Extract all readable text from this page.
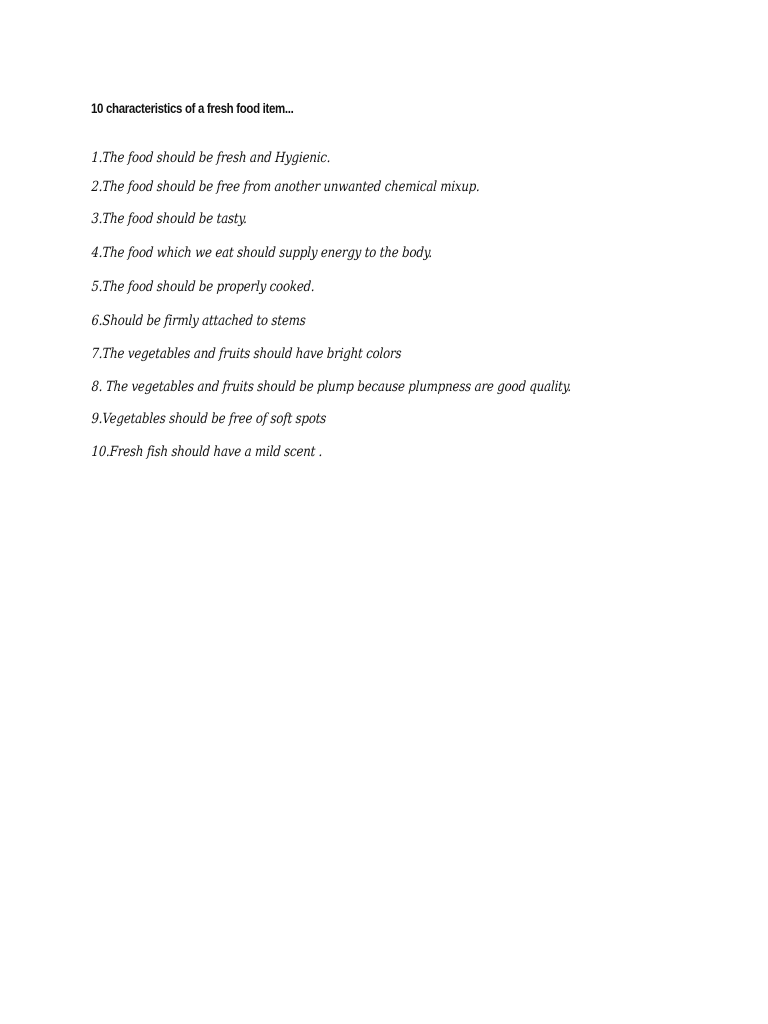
10 characteristics of a fresh food item...
1.The food should be fresh and Hygienic.
2.The food should be free from another unwanted chemical mixup.
3.The food should be tasty.
4.The food which we eat should supply energy to the body.
5.The food should be properly cooked.
6.Should be firmly attached to stems
7.The vegetables and fruits should have bright colors
8. The vegetables and fruits should be plump because plumpness are good quality.
9.Vegetables should be free of soft spots
10.Fresh fish should have a mild scent .
